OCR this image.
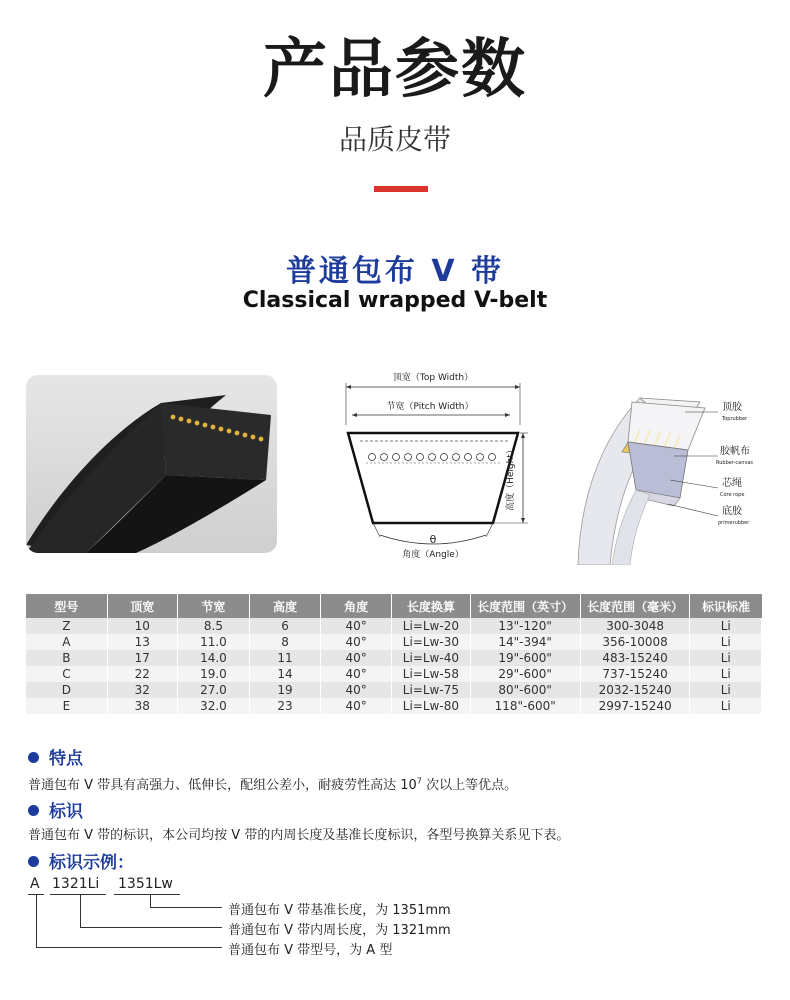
产品参数
品质皮带
普通包布 V 带
Classical wrapped V-belt
顶宽（Top Width）
节宽（Pitch Width）
高度（Height）
θ
角度（Angle）
顶胶
Toprubber
胶帆布
Rubber-canvas
芯绳
Core rope
底胶
primerubber
型号	顶宽	节宽	高度	角度	长度换算	长度范围（英寸）	长度范围（毫米）	标识标准
Z	10	8.5	6	40°	Li=Lw-20	13"-120"	300-3048	Li
A	13	11.0	8	40°	Li=Lw-30	14"-394"	356-10008	Li
B	17	14.0	11	40°	Li=Lw-40	19"-600"	483-15240	Li
C	22	19.0	14	40°	Li=Lw-58	29"-600"	737-15240	Li
D	32	27.0	19	40°	Li=Lw-75	80"-600"	2032-15240	Li
E	38	32.0	23	40°	Li=Lw-80	118"-600"	2997-15240	Li
特点
普通包布 V 带具有高强力、低伸长，配组公差小，耐疲劳性高达 $10^7$ 次以上等优点。
标识
普通包布 V 带的标识，本公司均按 V 带的内周长度及基准长度标识，各型号换算关系见下表。
标识示例：
A 1321Li 1351Lw
普通包布 V 带基准长度，为 1351mm
普通包布 V 带内周长度，为 1321mm
普通包布 V 带型号，为 A 型
